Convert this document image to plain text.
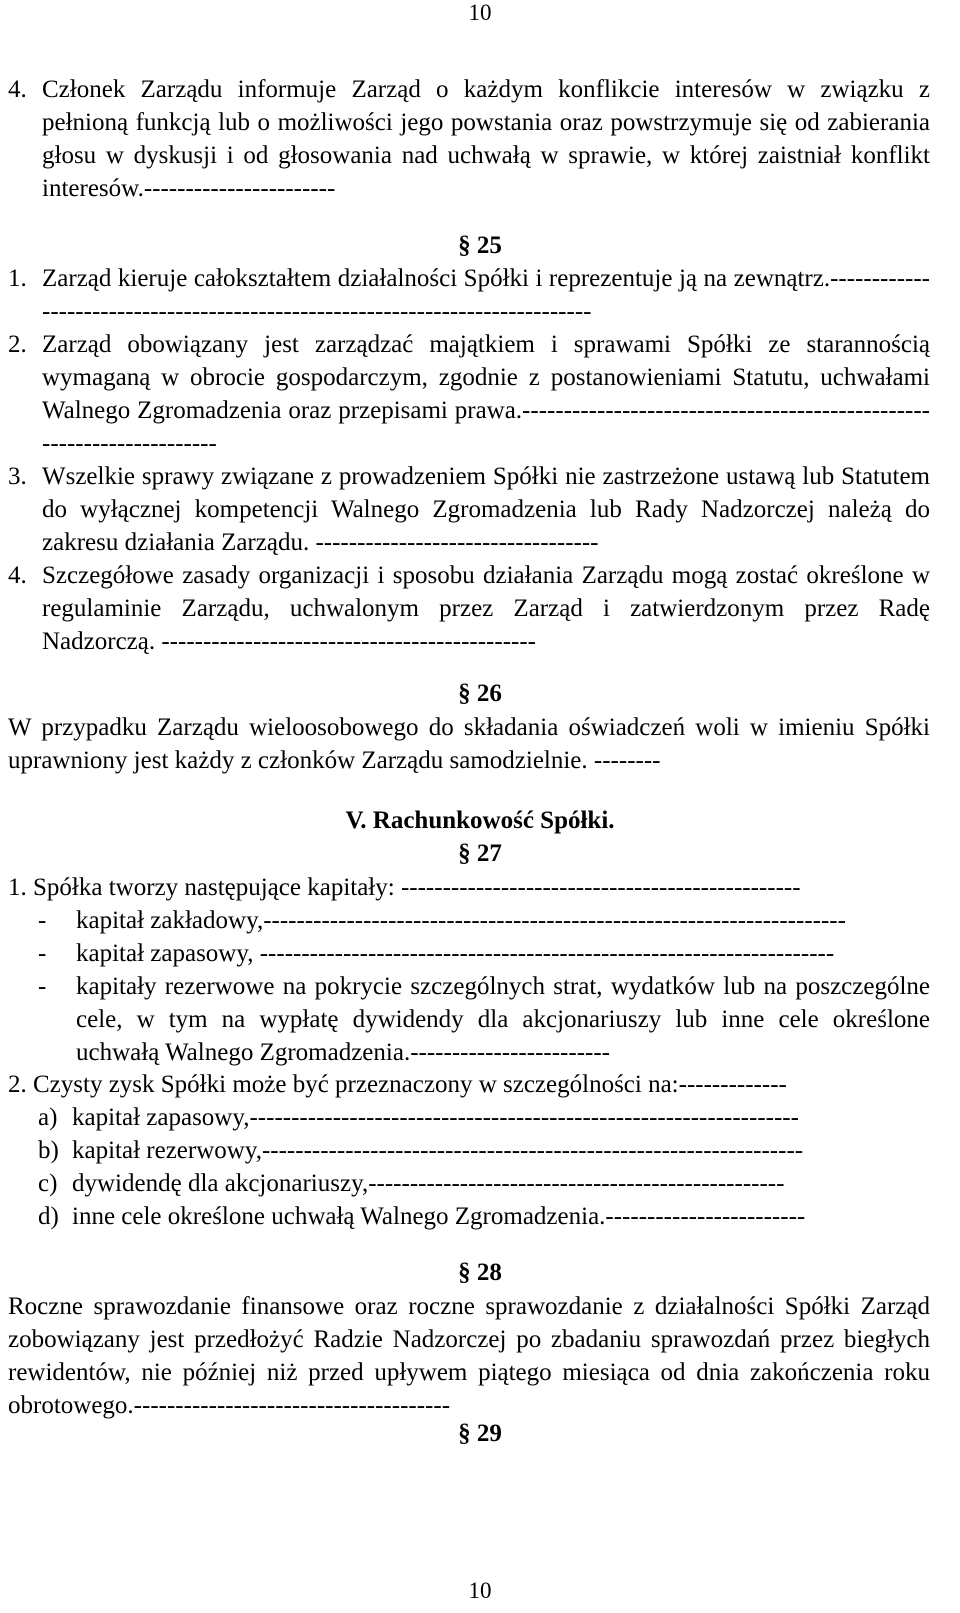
10
4. Członek Zarządu informuje Zarząd o każdym konflikcie interesów w związku z pełnioną funkcją lub o możliwości jego powstania oraz powstrzymuje się od zabierania głosu w dyskusji i od głosowania nad uchwałą w sprawie, w której zaistniał konflikt interesów.-----------------------
§ 25
1. Zarząd kieruje całokształtem działalności Spółki i reprezentuje ją na zewnątrz.------------------------------------------------------------------------------
2. Zarząd obowiązany jest zarządzać majątkiem i sprawami Spółki ze starannością wymaganą w obrocie gospodarczym, zgodnie z postanowieniami Statutu, uchwałami Walnego Zgromadzenia oraz przepisami prawa.----------------------------------------------------------------------
3. Wszelkie sprawy związane z prowadzeniem Spółki nie zastrzeżone ustawą lub Statutem do wyłącznej kompetencji Walnego Zgromadzenia lub Rady Nadzorczej należą do zakresu działania Zarządu. ----------------------------------
4. Szczegółowe zasady organizacji i sposobu działania Zarządu mogą zostać określone w regulaminie Zarządu, uchwalonym przez Zarząd i zatwierdzonym przez Radę Nadzorczą. ---------------------------------------------
§ 26
W przypadku Zarządu wieloosobowego do składania oświadczeń woli w imieniu Spółki uprawniony jest każdy z członków Zarządu samodzielnie. --------
V. Rachunkowość Spółki.
§ 27
1. Spółka tworzy następujące kapitały: ------------------------------------------------
-	kapitał zakładowy,----------------------------------------------------------------------
-	kapitał zapasowy, ---------------------------------------------------------------------
-	kapitały rezerwowe na pokrycie szczególnych strat, wydatków lub na poszczególne cele, w tym na wypłatę dywidendy dla akcjonariuszy lub inne cele określone uchwałą Walnego Zgromadzenia.------------------------
2. Czysty zysk Spółki może być przeznaczony w szczególności na:-------------
a) kapitał zapasowy,------------------------------------------------------------------
b) kapitał rezerwowy,-----------------------------------------------------------------
c) dywidendę dla akcjonariuszy,--------------------------------------------------
d) inne cele określone uchwałą Walnego Zgromadzenia.------------------------
§ 28
Roczne sprawozdanie finansowe oraz roczne sprawozdanie z działalności Spółki Zarząd zobowiązany jest przedłożyć Radzie Nadzorczej po zbadaniu sprawozdań przez biegłych rewidentów, nie później niż przed upływem piątego miesiąca od dnia zakończenia roku obrotowego.--------------------------------------
§ 29
10
